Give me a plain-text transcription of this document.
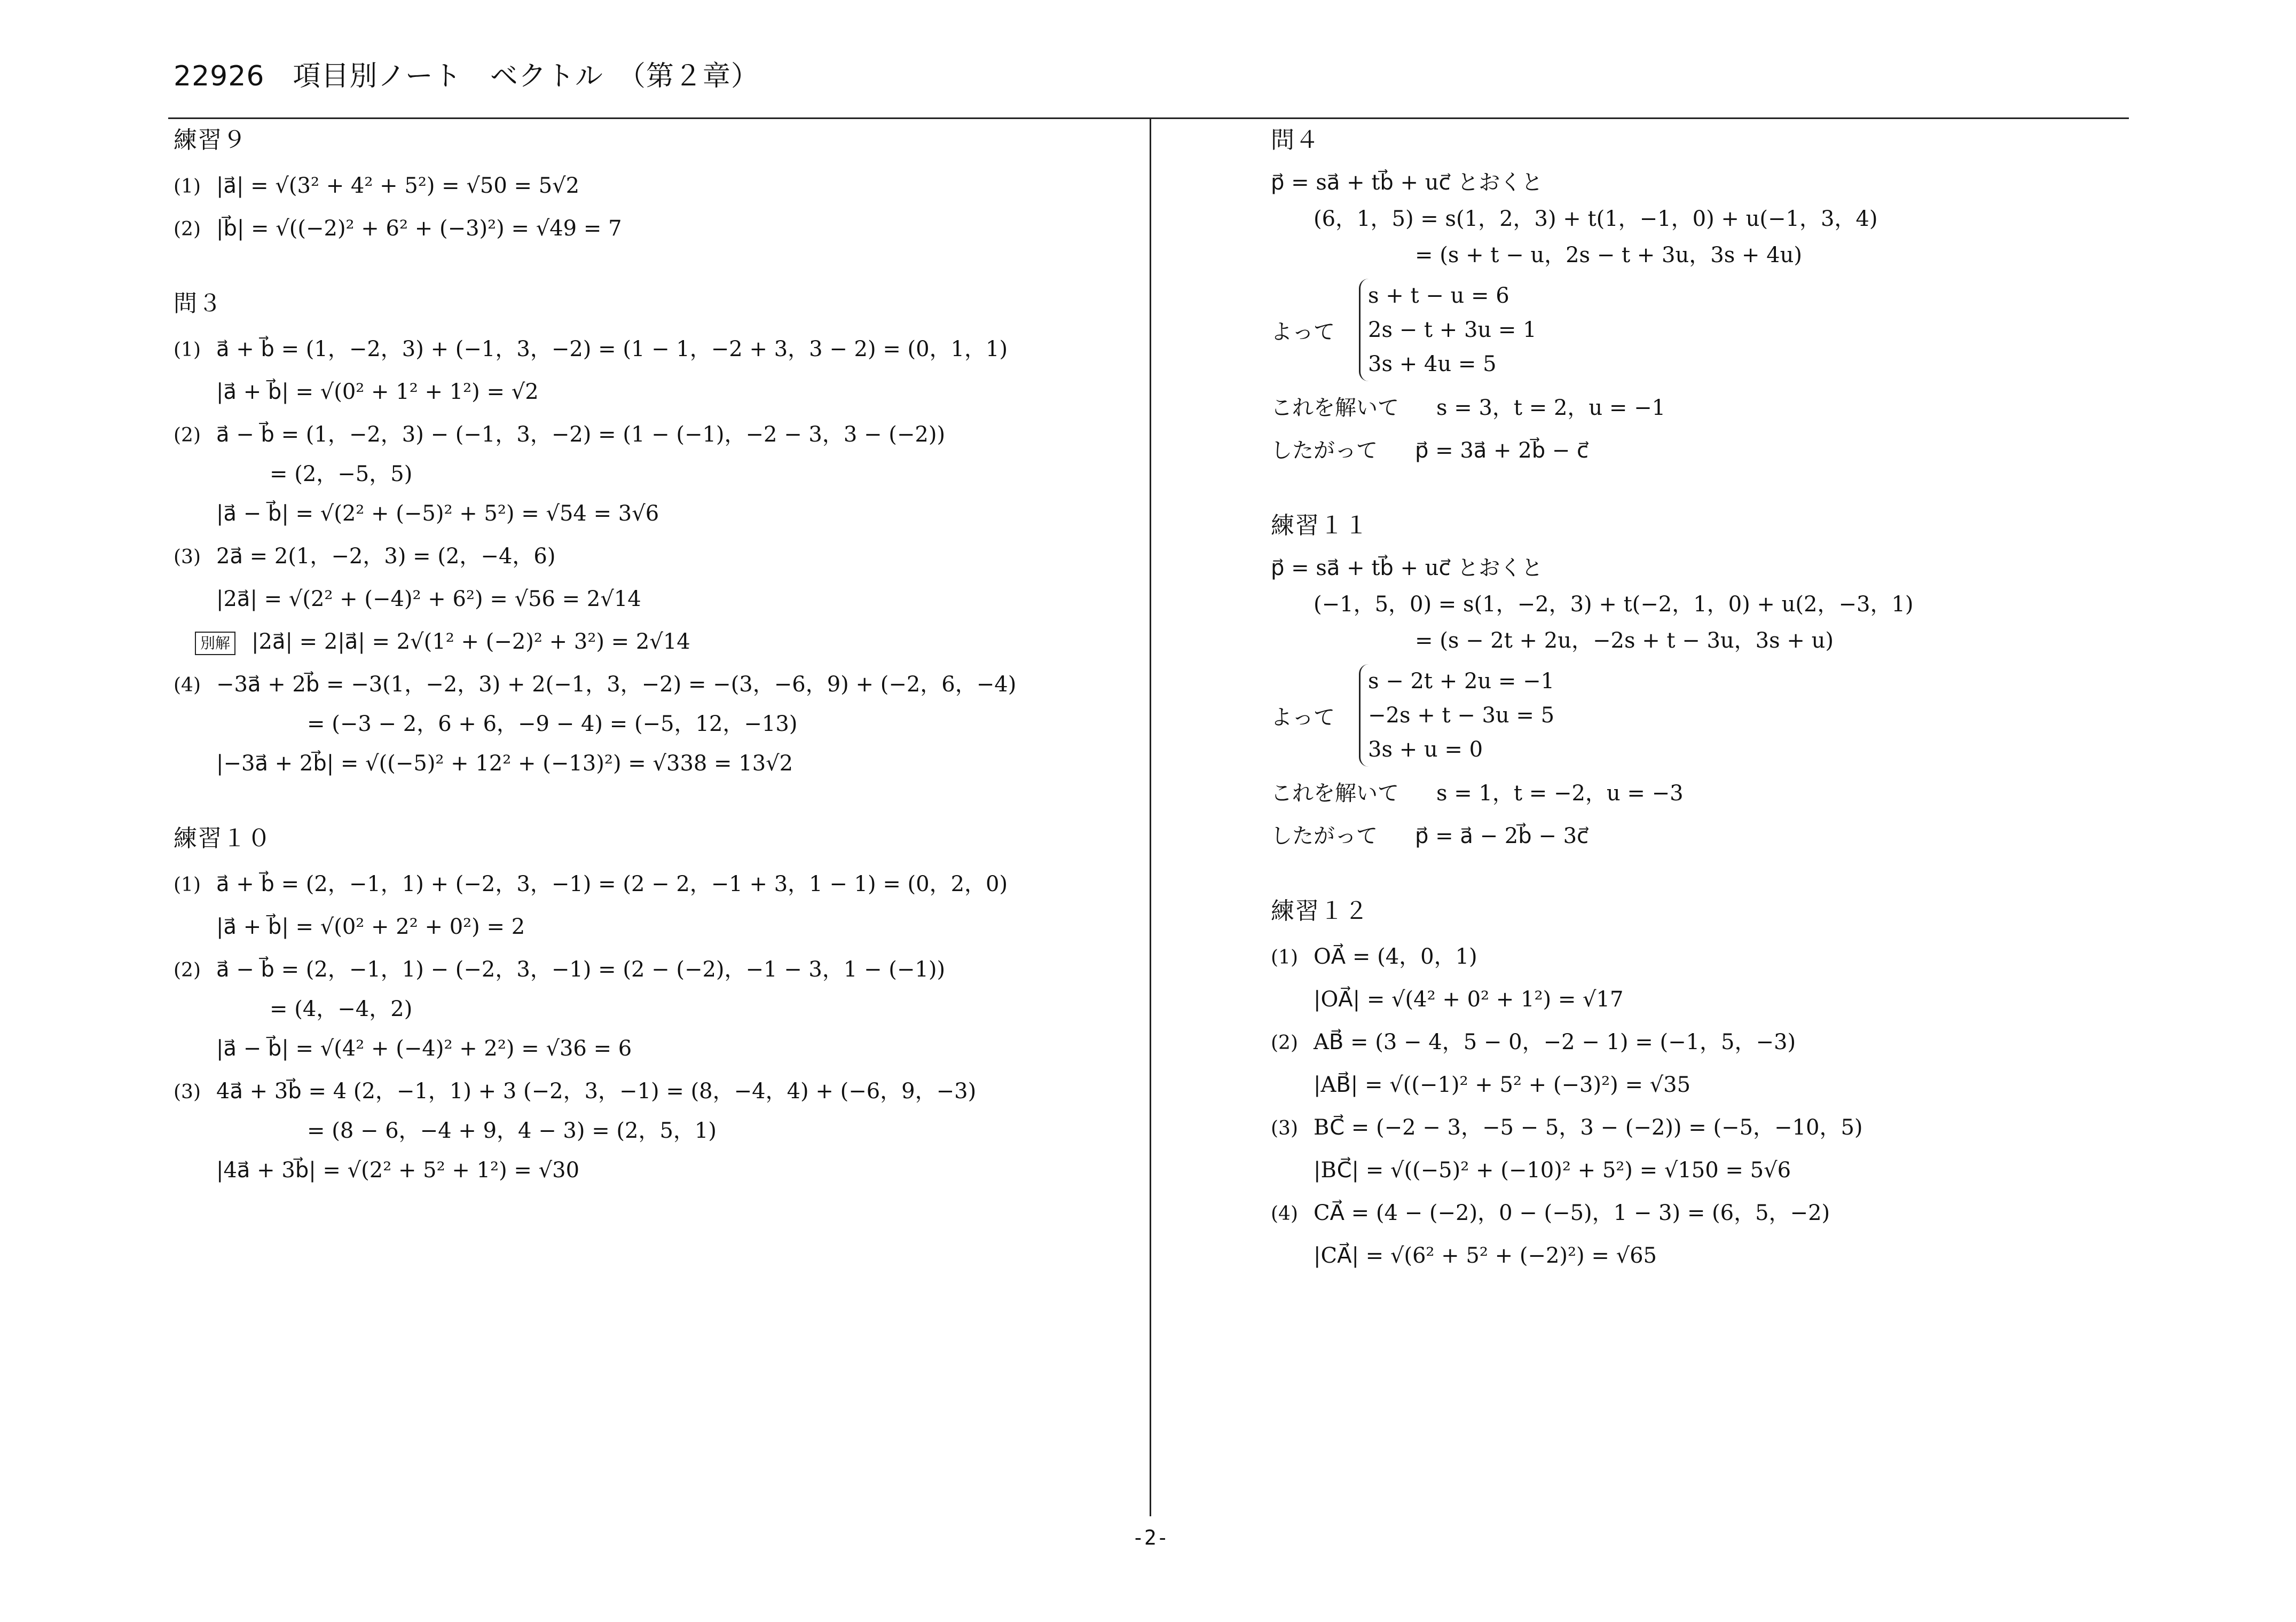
22926　項目別ノート　ベクトル　（第２章）
練習９
(1) |a⃗| = √(3² + 4² + 5²) = √50 = 5√2
(2) |b⃗| = √((−2)² + 6² + (−3)²) = √49 = 7
問３
(1) a⃗ + b⃗ = (1，−2，3) + (−1，3，−2) = (1 − 1，−2 + 3，3 − 2) = (0，1，1)
|a⃗ + b⃗| = √(0² + 1² + 1²) = √2
(2) a⃗ − b⃗ = (1，−2，3) − (−1，3，−2) = (1 − (−1)，−2 − 3，3 − (−2))
= (2，−5，5)
|a⃗ − b⃗| = √(2² + (−5)² + 5²) = √54 = 3√6
(3) 2a⃗ = 2(1，−2，3) = (2，−4，6)
|2a⃗| = √(2² + (−4)² + 6²) = √56 = 2√14
別解 |2a⃗| = 2|a⃗| = 2√(1² + (−2)² + 3²) = 2√14
(4) −3a⃗ + 2b⃗ = −3(1，−2，3) + 2(−1，3，−2) = −(3，−6，9) + (−2，6，−4)
= (−3 − 2，6 + 6，−9 − 4) = (−5，12，−13)
|−3a⃗ + 2b⃗| = √((−5)² + 12² + (−13)²) = √338 = 13√2
練習１０
(1) a⃗ + b⃗ = (2，−1，1) + (−2，3，−1) = (2 − 2，−1 + 3，1 − 1) = (0，2，0)
|a⃗ + b⃗| = √(0² + 2² + 0²) = 2
(2) a⃗ − b⃗ = (2，−1，1) − (−2，3，−1) = (2 − (−2)，−1 − 3，1 − (−1))
= (4，−4，2)
|a⃗ − b⃗| = √(4² + (−4)² + 2²) = √36 = 6
(3) 4a⃗ + 3b⃗ = 4 (2，−1，1) + 3 (−2，3，−1) = (8，−4，4) + (−6，9，−3)
= (8 − 6，−4 + 9，4 − 3) = (2，5，1)
|4a⃗ + 3b⃗| = √(2² + 5² + 1²) = √30
問４
p⃗ = sa⃗ + tb⃗ + uc⃗ とおくと
(6，1，5) = s(1，2，3) + t(1，−1，0) + u(−1，3，4)
= (s + t − u，2s − t + 3u，3s + 4u)
よって
s + t − u = 6
2s − t + 3u = 1
3s + 4u = 5
これを解いて s = 3，t = 2，u = −1
したがって p⃗ = 3a⃗ + 2b⃗ − c⃗
練習１１
p⃗ = sa⃗ + tb⃗ + uc⃗ とおくと
(−1，5，0) = s(1，−2，3) + t(−2，1，0) + u(2，−3，1)
= (s − 2t + 2u，−2s + t − 3u，3s + u)
よって
s − 2t + 2u = −1
−2s + t − 3u = 5
3s + u = 0
これを解いて s = 1，t = −2，u = −3
したがって p⃗ = a⃗ − 2b⃗ − 3c⃗
練習１２
(1) OA⃗ = (4，0，1)
|OA⃗| = √(4² + 0² + 1²) = √17
(2) AB⃗ = (3 − 4，5 − 0，−2 − 1) = (−1，5，−3)
|AB⃗| = √((−1)² + 5² + (−3)²) = √35
(3) BC⃗ = (−2 − 3，−5 − 5，3 − (−2)) = (−5，−10，5)
|BC⃗| = √((−5)² + (−10)² + 5²) = √150 = 5√6
(4) CA⃗ = (4 − (−2)，0 − (−5)，1 − 3) = (6，5，−2)
|CA⃗| = √(6² + 5² + (−2)²) = √65
-2-
